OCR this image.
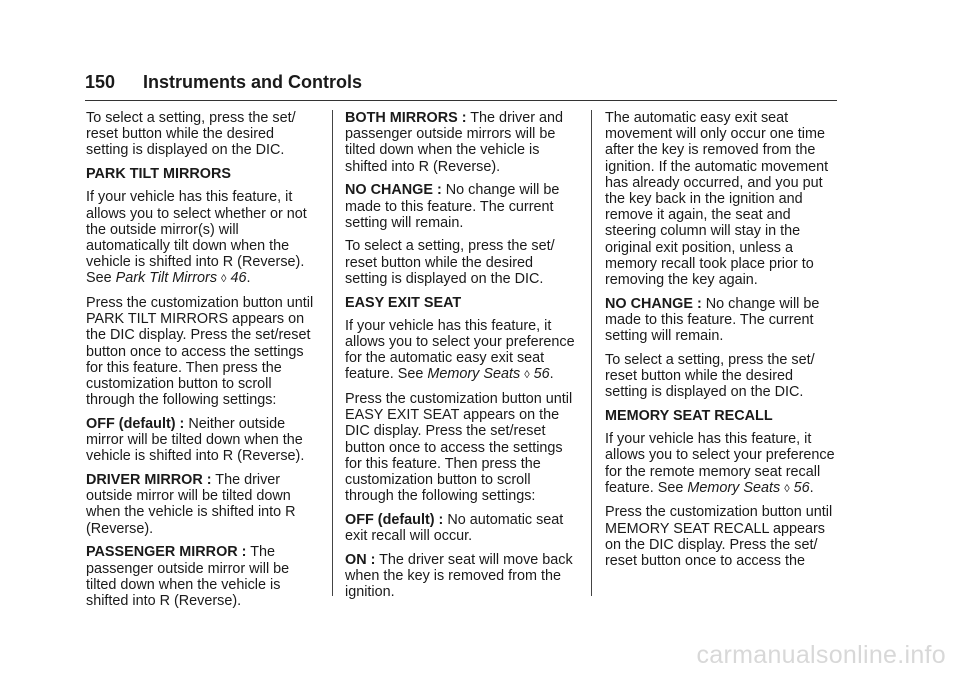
150 Instruments and Controls

To select a setting, press the set/ reset button while the desired setting is displayed on the DIC.

PARK TILT MIRRORS

If your vehicle has this feature, it allows you to select whether or not the outside mirror(s) will automatically tilt down when the vehicle is shifted into R (Reverse). See Park Tilt Mirrors ◊ 46.

Press the customization button until PARK TILT MIRRORS appears on the DIC display. Press the set/reset button once to access the settings for this feature. Then press the customization button to scroll through the following settings:

OFF (default) : Neither outside mirror will be tilted down when the vehicle is shifted into R (Reverse).

DRIVER MIRROR : The driver outside mirror will be tilted down when the vehicle is shifted into R (Reverse).

PASSENGER MIRROR : The passenger outside mirror will be tilted down when the vehicle is shifted into R (Reverse).

BOTH MIRRORS : The driver and passenger outside mirrors will be tilted down when the vehicle is shifted into R (Reverse).

NO CHANGE : No change will be made to this feature. The current setting will remain.

To select a setting, press the set/ reset button while the desired setting is displayed on the DIC.

EASY EXIT SEAT

If your vehicle has this feature, it allows you to select your preference for the automatic easy exit seat feature. See Memory Seats ◊ 56.

Press the customization button until EASY EXIT SEAT appears on the DIC display. Press the set/reset button once to access the settings for this feature. Then press the customization button to scroll through the following settings:

OFF (default) : No automatic seat exit recall will occur.

ON : The driver seat will move back when the key is removed from the ignition.

The automatic easy exit seat movement will only occur one time after the key is removed from the ignition. If the automatic movement has already occurred, and you put the key back in the ignition and remove it again, the seat and steering column will stay in the original exit position, unless a memory recall took place prior to removing the key again.

NO CHANGE : No change will be made to this feature. The current setting will remain.

To select a setting, press the set/ reset button while the desired setting is displayed on the DIC.

MEMORY SEAT RECALL

If your vehicle has this feature, it allows you to select your preference for the remote memory seat recall feature. See Memory Seats ◊ 56.

Press the customization button until MEMORY SEAT RECALL appears on the DIC display. Press the set/ reset button once to access the

carmanualsonline.info
